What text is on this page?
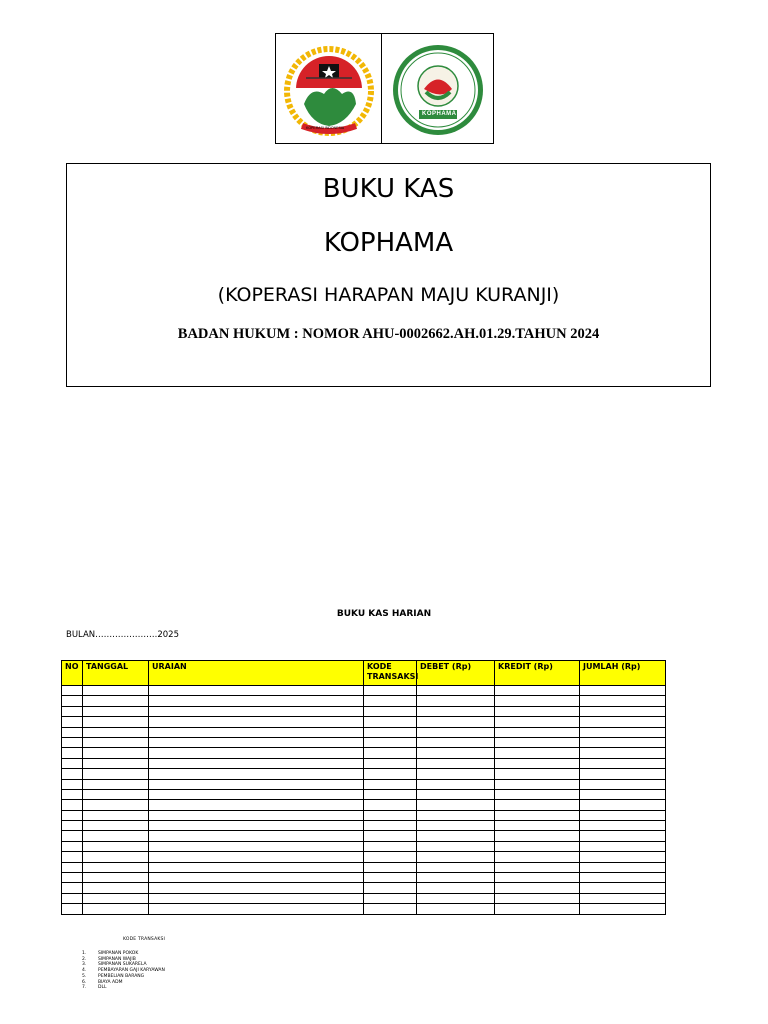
KOPERASI INDONESIA
KOPHAMA
BUKU KAS
KOPHAMA
(KOPERASI HARAPAN MAJU KURANJI)
BADAN HUKUM : NOMOR AHU-0002662.AH.01.29.TAHUN 2024
BUKU KAS HARIAN
BULAN………………….2025
NO	TANGGAL	URAIAN	KODE TRANSAKSI	DEBET (Rp)	KREDIT (Rp)	JUMLAH (Rp)

KODE TRANSAKSI
1.	SIMPANAN POKOK
2.	SIMPANAN WAJIB
3.	SIMPANAN SUKARELA
4.	PEMBAYARAN GAJI KARYAWAN
5.	PEMBELIAN BARANG
6.	BIAYA ADM
7.	DLL
